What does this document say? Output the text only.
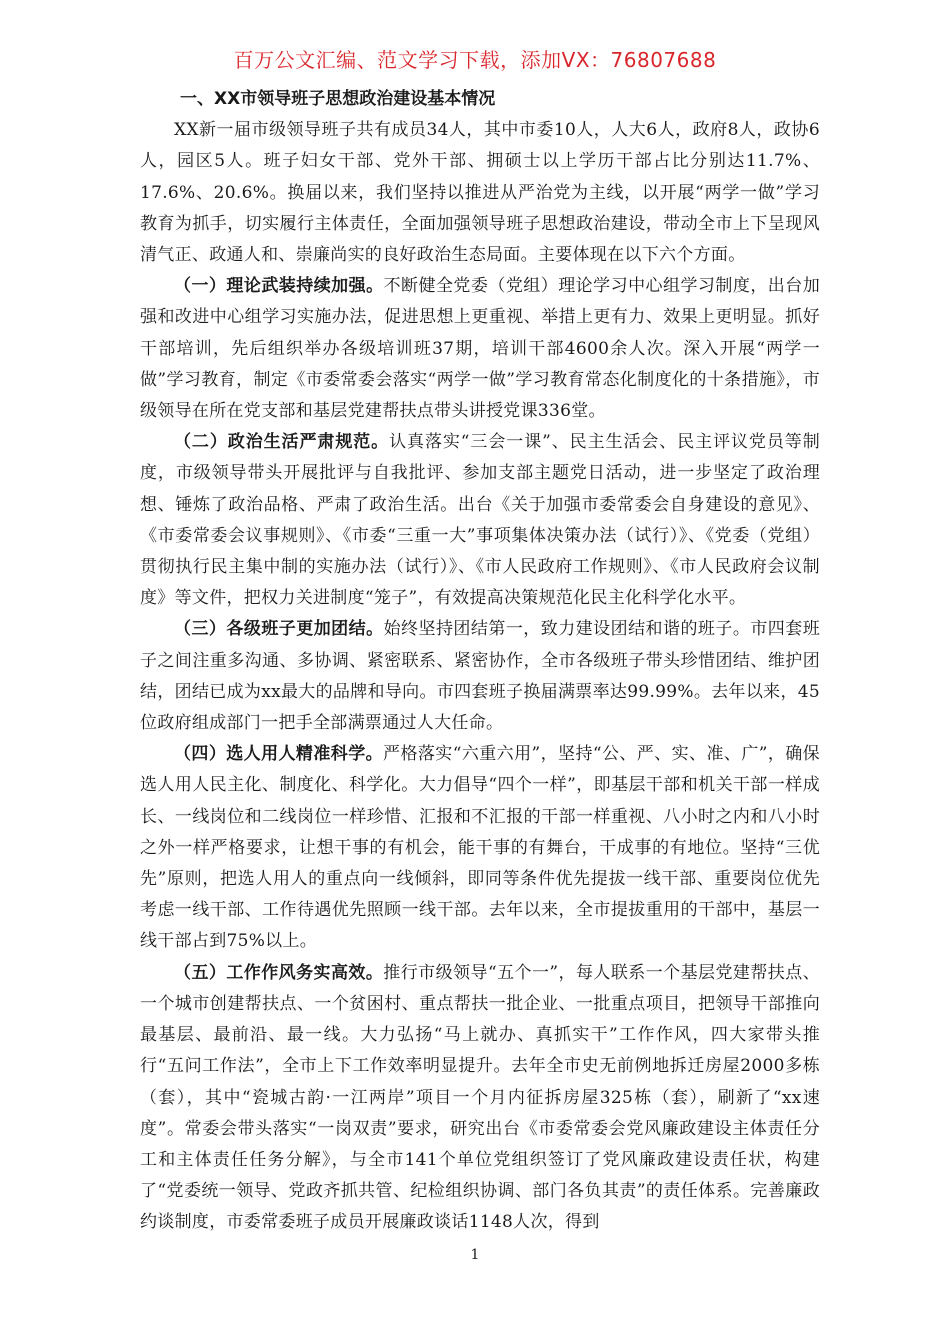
百万公文汇编、范文学习下载，添加VX：76807688

一、XX市领导班子思想政治建设基本情况

XX新一届市级领导班子共有成员34人，其中市委10人，人大6人，政府8人，政协6人，园区5人。班子妇女干部、党外干部、拥硕士以上学历干部占比分别达11.7%、17.6%、20.6%。换届以来，我们坚持以推进从严治党为主线，以开展“两学一做”学习教育为抓手，切实履行主体责任，全面加强领导班子思想政治建设，带动全市上下呈现风清气正、政通人和、崇廉尚实的良好政治生态局面。主要体现在以下六个方面。

（一）理论武装持续加强。不断健全党委（党组）理论学习中心组学习制度，出台加强和改进中心组学习实施办法，促进思想上更重视、举措上更有力、效果上更明显。抓好干部培训，先后组织举办各级培训班37期，培训干部4600余人次。深入开展“两学一做”学习教育，制定《市委常委会落实“两学一做”学习教育常态化制度化的十条措施》，市级领导在所在党支部和基层党建帮扶点带头讲授党课336堂。

（二）政治生活严肃规范。认真落实“三会一课”、民主生活会、民主评议党员等制度，市级领导带头开展批评与自我批评、参加支部主题党日活动，进一步坚定了政治理想、锤炼了政治品格、严肃了政治生活。出台《关于加强市委常委会自身建设的意见》、《市委常委会议事规则》、《市委“三重一大”事项集体决策办法（试行）》、《党委（党组）贯彻执行民主集中制的实施办法（试行）》、《市人民政府工作规则》、《市人民政府会议制度》等文件，把权力关进制度“笼子”，有效提高决策规范化民主化科学化水平。

（三）各级班子更加团结。始终坚持团结第一，致力建设团结和谐的班子。市四套班子之间注重多沟通、多协调、紧密联系、紧密协作，全市各级班子带头珍惜团结、维护团结，团结已成为xx最大的品牌和导向。市四套班子换届满票率达99.99%。去年以来，45位政府组成部门一把手全部满票通过人大任命。

（四）选人用人精准科学。严格落实“六重六用”，坚持“公、严、实、准、广”，确保选人用人民主化、制度化、科学化。大力倡导“四个一样”，即基层干部和机关干部一样成长、一线岗位和二线岗位一样珍惜、汇报和不汇报的干部一样重视、八小时之内和八小时之外一样严格要求，让想干事的有机会，能干事的有舞台，干成事的有地位。坚持“三优先”原则，把选人用人的重点向一线倾斜，即同等条件优先提拔一线干部、重要岗位优先考虑一线干部、工作待遇优先照顾一线干部。去年以来，全市提拔重用的干部中，基层一线干部占到75%以上。

（五）工作作风务实高效。推行市级领导“五个一”，每人联系一个基层党建帮扶点、一个城市创建帮扶点、一个贫困村、重点帮扶一批企业、一批重点项目，把领导干部推向最基层、最前沿、最一线。大力弘扬“马上就办、真抓实干”工作作风，四大家带头推行“五问工作法”，全市上下工作效率明显提升。去年全市史无前例地拆迁房屋2000多栋（套），其中“瓷城古韵·一江两岸”项目一个月内征拆房屋325栋（套），刷新了“xx速度”。常委会带头落实“一岗双责”要求，研究出台《市委常委会党风廉政建设主体责任分工和主体责任任务分解》，与全市141个单位党组织签订了党风廉政建设责任状，构建了“党委统一领导、党政齐抓共管、纪检组织协调、部门各负其责”的责任体系。完善廉政约谈制度，市委常委班子成员开展廉政谈话1148人次，得到

1
